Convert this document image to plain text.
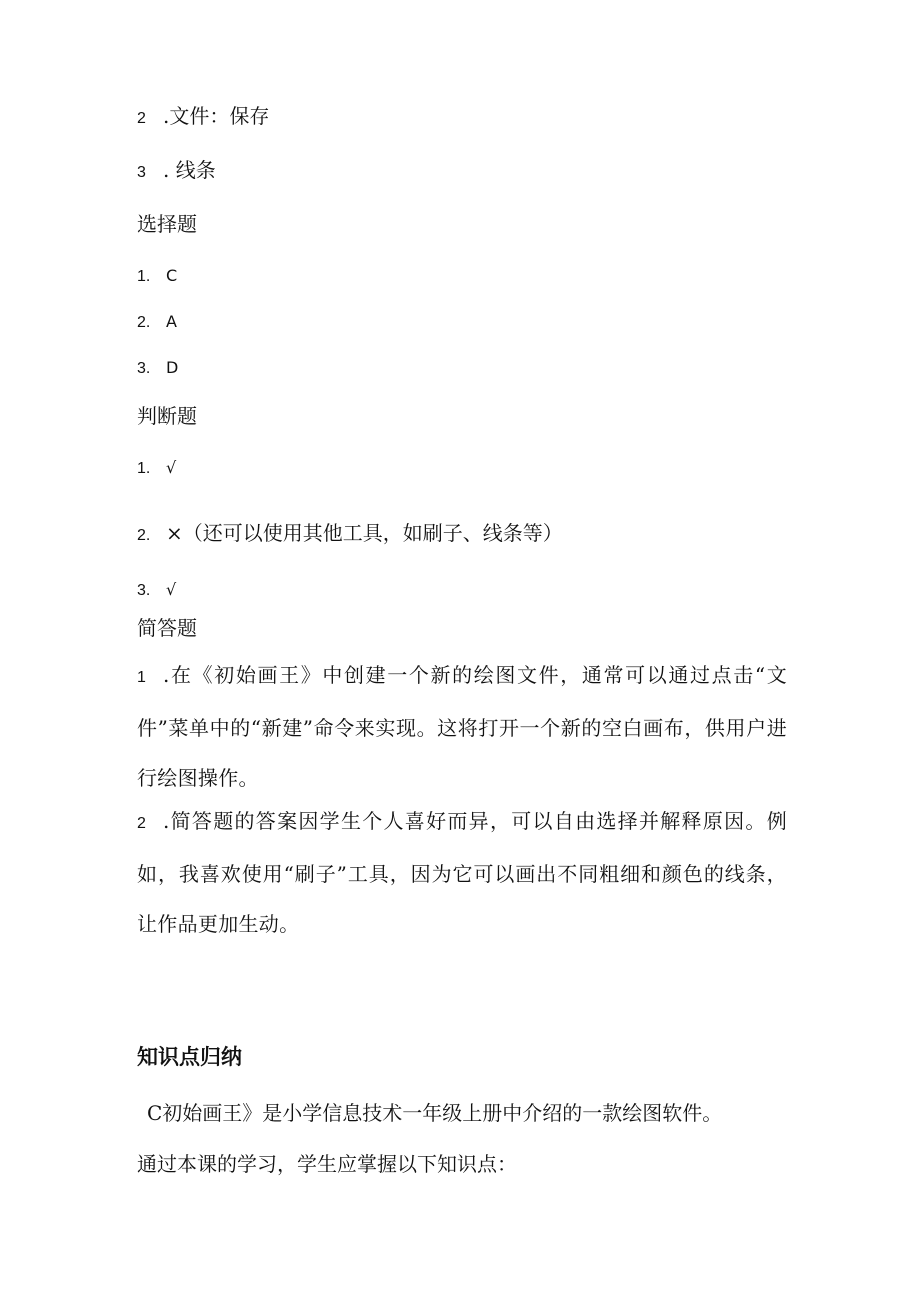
2 .文件：保存
3 . 线条
选择题
1. C
2. A
3. D
判断题
1. √
2. ×（还可以使用其他工具，如刷子、线条等）
3. √
简答题
1 .在《初始画王》中创建一个新的绘图文件，通常可以通过点击“文件”菜单中的“新建”命令来实现。这将打开一个新的空白画布，供用户进行绘图操作。
2 .简答题的答案因学生个人喜好而异，可以自由选择并解释原因。例如，我喜欢使用“刷子”工具，因为它可以画出不同粗细和颜色的线条，让作品更加生动。
知识点归纳
C初始画王》是小学信息技术一年级上册中介绍的一款绘图软件。
通过本课的学习，学生应掌握以下知识点：
